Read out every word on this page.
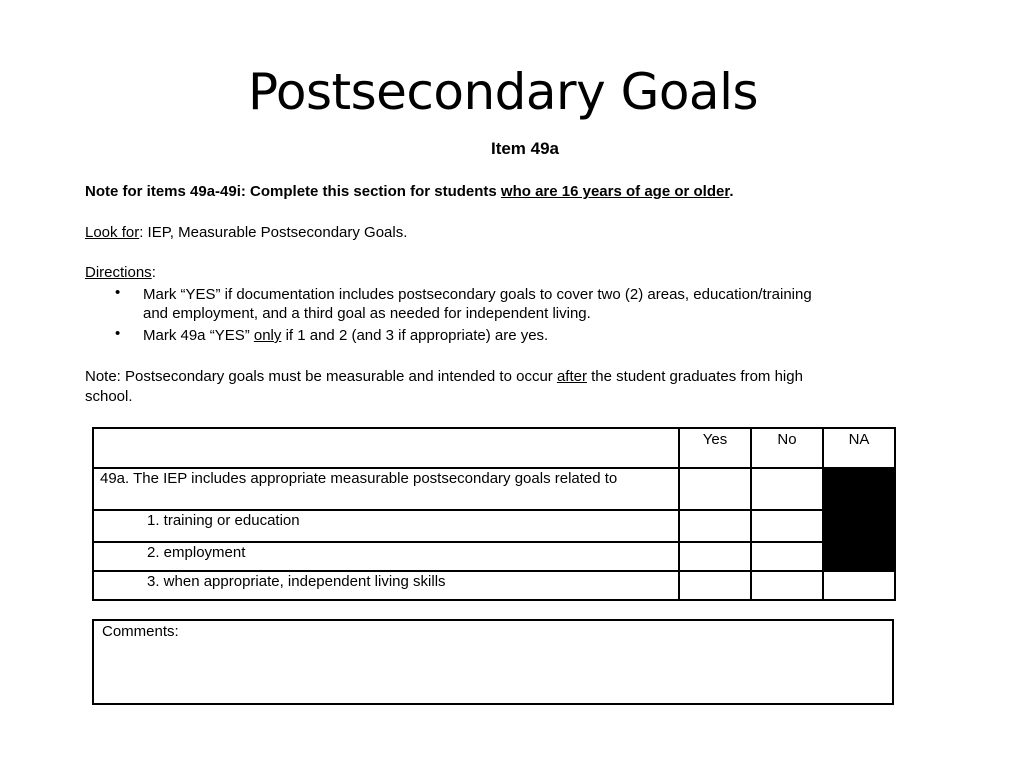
Postsecondary Goals
Item 49a
Note for items 49a-49i: Complete this section for students who are 16 years of age or older.
Look for: IEP, Measurable Postsecondary Goals.
Directions:
• Mark “YES” if documentation includes postsecondary goals to cover two (2) areas, education/training
and employment, and a third goal as needed for independent living.
• Mark 49a “YES” only if 1 and 2 (and 3 if appropriate) are yes.
Note: Postsecondary goals must be measurable and intended to occur after the student graduates from high
school.
	Yes	No	NA
49a. The IEP includes appropriate measurable postsecondary goals related to			
1. training or education			
2. employment			
3. when appropriate, independent living skills			
Comments:
